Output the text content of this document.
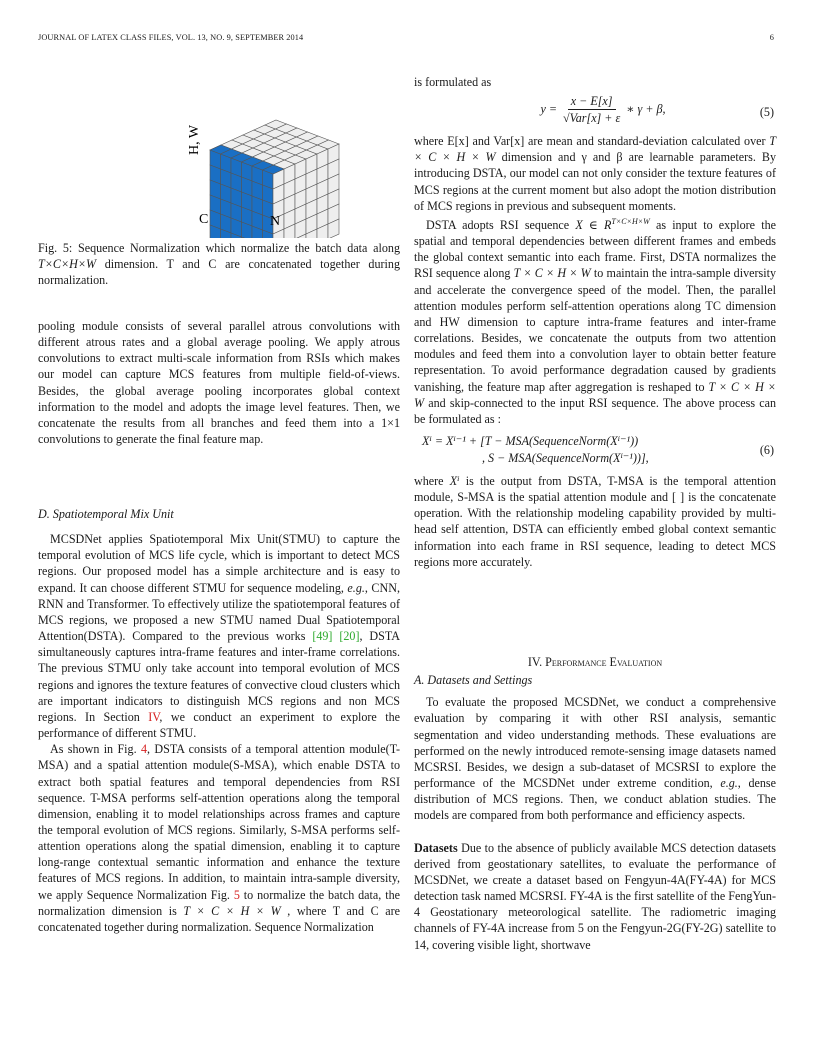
JOURNAL OF LATEX CLASS FILES, VOL. 13, NO. 9, SEPTEMBER 2014	6
H, W
C	N
Fig. 5: Sequence Normalization which normalize the batch data along T×C×H×W dimension. T and C are concatenated together during normalization.

pooling module consists of several parallel atrous convolutions with different atrous rates and a global average pooling. We apply atrous convolutions to extract multi-scale information from RSIs which makes our model can capture MCS features from multiple field-of-views. Besides, the global average pooling incorporates global context information to the model and adopts the image level features. Then, we concatenate the results from all branches and feed them into a 1×1 convolutions to generate the final feature map.

D. Spatiotemporal Mix Unit

MCSDNet applies Spatiotemporal Mix Unit(STMU) to capture the temporal evolution of MCS life cycle, which is important to detect MCS regions. Our proposed model has a simple architecture and is easy to expand. It can choose different STMU for sequence modeling, e.g., CNN, RNN and Transformer. To effectively utilize the spatiotemporal features of MCS regions, we proposed a new STMU named Dual Spatiotemporal Attention(DSTA). Compared to the previous works [49] [20], DSTA simultaneously captures intra-frame features and inter-frame correlations. The previous STMU only take account into temporal evolution of MCS regions and ignores the texture features of convective cloud clusters which are important indicators to distinguish MCS regions and non MCS regions. In Section IV, we conduct an experiment to explore the performance of different STMU.

As shown in Fig. 4, DSTA consists of a temporal attention module(T-MSA) and a spatial attention module(S-MSA), which enable DSTA to extract both spatial features and temporal dependencies from RSI sequence. T-MSA performs self-attention operations along the temporal dimension, enabling it to model relationships across frames and capture the temporal evolution of MCS regions. Similarly, S-MSA performs self-attention operations along the spatial dimension, enabling it to capture long-range contextual semantic information and enhance the texture features of MCS regions. In addition, to maintain intra-sample diversity, we apply Sequence Normalization Fig. 5 to normalize the batch data, the normalization dimension is T × C × H × W , where T and C are concatenated together during normalization. Sequence Normalization

is formulated as

$y = \frac{x - E[x]}{\text{√Var[x] + ε}}$ ∗ γ + β,	(5)

where E[x] and Var[x] are mean and standard-deviation calculated over T × C × H × W dimension and γ and β are learnable parameters. By introducing DSTA, our model can not only consider the texture features of MCS regions at the current moment but also adopt the motion distribution of MCS regions in previous and subsequent moments.

DSTA adopts RSI sequence X ∈ $R^{T\times C\times H\times W}$ as input to explore the spatial and temporal dependencies between different frames and embeds the global context semantic into each frame. First, DSTA normalizes the RSI sequence along T × C × H × W to maintain the intra-sample diversity and accelerate the convergence speed of the model. Then, the parallel attention modules perform self-attention operations along TC dimension and HW dimension to capture intra-frame features and inter-frame correlations. Besides, we concatenate the outputs from two attention modules and feed them into a convolution layer to obtain better feature representation. To avoid performance degradation caused by gradients vanishing, the feature map after aggregation is reshaped to T × C × H × W and skip-connected to the input RSI sequence. The above process can be formulated as :

Xⁱ = Xⁱ⁻¹ + [T − MSA(SequenceNorm(Xⁱ⁻¹))
, S − MSA(SequenceNorm(Xⁱ⁻¹))],
(6)

where Xⁱ is the output from DSTA, T-MSA is the temporal attention module, S-MSA is the spatial attention module and [ ] is the concatenate operation. With the relationship modeling capability provided by multi-head self attention, DSTA can efficiently embed global context semantic information into each frame in RSI sequence, leading to detect MCS regions more accurately.

IV. Performance Evaluation

A. Datasets and Settings

To evaluate the proposed MCSDNet, we conduct a comprehensive evaluation by comparing it with other RSI analysis, semantic segmentation and video understanding methods. These evaluations are performed on the newly introduced remote-sensing image datasets named MCSRSI. Besides, we design a sub-dataset of MCSRSI to explore the performance of the MCSDNet under extreme condition, e.g., dense distribution of MCS regions. Then, we conduct ablation studies. The models are compared from both performance and efficiency aspects.

Datasets Due to the absence of publicly available MCS detection datasets derived from geostationary satellites, to evaluate the performance of MCSDNet, we create a dataset based on Fengyun-4A(FY-4A) for MCS detection task named MCSRSI. FY-4A is the first satellite of the FengYun-4 Geostationary meteorological satellite. The radiometric imaging channels of FY-4A increase from 5 on the Fengyun-2G(FY-2G) satellite to 14, covering visible light, shortwave
